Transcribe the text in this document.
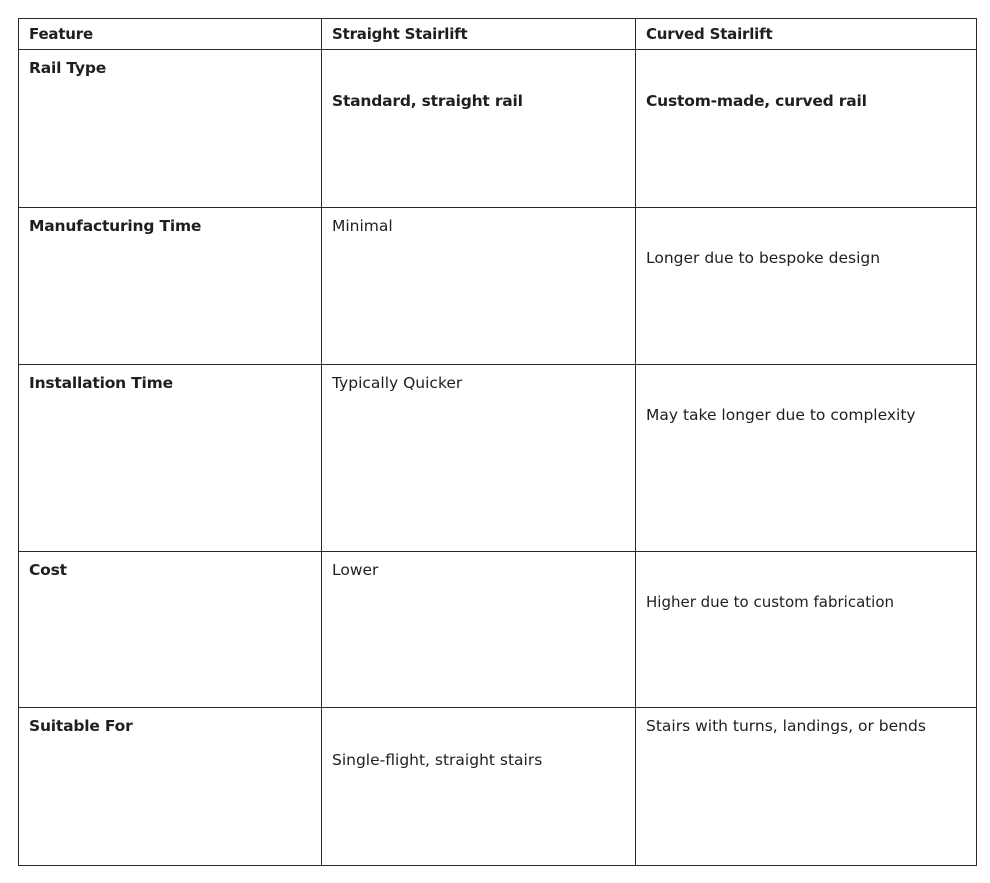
Feature	Straight Stairlift	Curved Stairlift

Rail Type	Standard, straight rail	Custom-made, curved rail

Manufacturing Time	Minimal	Longer due to bespoke design

Installation Time	Typically Quicker	May take longer due to complexity

Cost	Lower	Higher due to custom fabrication

Suitable For	Single-flight, straight stairs	Stairs with turns, landings, or bends
